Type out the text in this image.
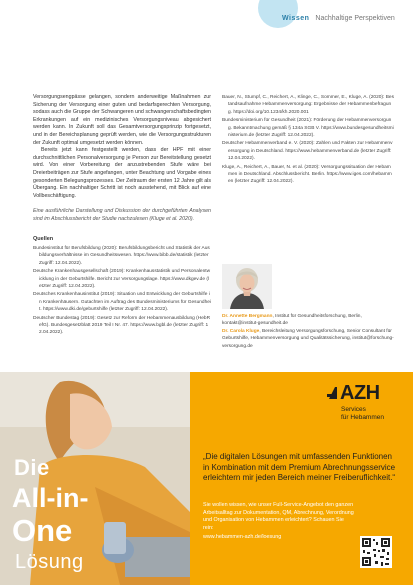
Wissen Nachhaltige Perspektiven

Versorgungsengpässe gelangen, sondern anderweitige Maßnahmen zur Sicherung der Versorgung einer guten und bedarfsgerechten Versorgung, sodass auch die Gruppe der Schwangeren und schwangerschaftsbedingten Erkrankungen auf ein medizinisches Versorgungsniveau abgesichert werden kann. In Zukunft soll das Gesamtversorgungsprinzip fortgesetzt, und in der Bereichsplanung geprüft werden, wie die Versorgungsstrukturen der Zukunft optimal umgesetzt werden können.

Bereits jetzt kann festgestellt werden, dass der HPF mit einer durchschnittlichen Personalversorgung je Person zur Bereitstellung gesetzt wird. Von einer Vorbereitung der anzustrebenden Stufe wäre bei Dreierbeiträgen zur Stufe angefangen, unter Beachtung und Vorgabe eines gesonderten Belegungsprozesses. Der Zeitraum der ersten 12 Jahre gilt als Übergang. Ein nachhaltiger Schritt ist noch ausstehend, mit Blick auf eine Vollbeschäftigung.

Eine ausführliche Darstellung und Diskussion der durchgeführten Analysen sind im Abschlussbericht der Studie nachzulesen (Kluge et al. 2020).

Bauer, N., Stumpf, C., Reichert, A., Klinge, C., Sommer, E., Kluge, A. (2020): Bestandsaufnahme Hebammenversorgung: Ergebnisse der Hebammenbefragung. https://doi.org/10.1234/kh.2020.001

Bundesministerium für Gesundheit (2021): Förderung der Hebammenversorgung. Bekanntmachung gemäß § 134a SGB V. https://www.bundesgesundheitsministerium.de (letzter Zugriff: 12.04.2022).

Deutscher Hebammenverband e. V. (2020): Zahlen und Fakten zur Hebammenversorgung in Deutschland. https://www.hebammenverband.de (letzter Zugriff: 12.04.2022).

Kluge, A., Reichert, A., Bauer, N. et al. (2020): Versorgungssituation der Hebammen in Deutschland. Abschlussbericht. Berlin. https://www.iges.com/hebammen (letzter Zugriff: 12.04.2022).

Quellen

Bundesinstitut für Berufsbildung (2020): Berufsbildungsbericht und Statistik der Ausbildungsverhältnisse im Gesundheitswesen. https://www.bibb.de/statistik (letzter Zugriff: 12.04.2022).

Deutsche Krankenhausgesellschaft (2019): Krankenhausstatistik und Personalentwicklung in der Geburtshilfe. Bericht zur Versorgungslage. https://www.dkgev.de (letzter Zugriff: 12.04.2022).

Deutsches Krankenhausinstitut (2019): Situation und Entwicklung der Geburtshilfe in Krankenhäusern. Gutachten im Auftrag des Bundesministeriums für Gesundheit. https://www.dki.de/geburtshilfe (letzter Zugriff: 12.04.2022).

Deutscher Bundestag (2019): Gesetz zur Reform der Hebammenausbildung (HebRefG). Bundesgesetzblatt 2019 Teil I Nr. 47. https://www.bgbl.de (letzter Zugriff: 12.04.2022).

Dr. Annette Bergmann, Institut für Gesundheitsforschung, Berlin, kontakt@institut-gesundheit.de
Dr. Carola Kluge, Bereichsleitung Versorgungsforschung, Senior Consultant für Geburtshilfe, Hebammenversorgung und Qualitätssicherung, institut@forschung-versorgung.de
Die
All-in-
One
Lösung
AZH
Services
für Hebammen
„Die digitalen Lösungen mit umfassenden Funktionen in Kombination mit dem Premium Abrechnungsservice erleichtern mir jeden Bereich meiner Freiberuflichkeit.“
Sie wollen wissen, wie unser Full-Service-Angebot den ganzen Arbeitsalltag zur Dokumentation, QM, Abrechnung, Verordnung und Organisation von Hebammen erleichtert? Schauen Sie rein:
www.hebammen-azh.de/loesung
